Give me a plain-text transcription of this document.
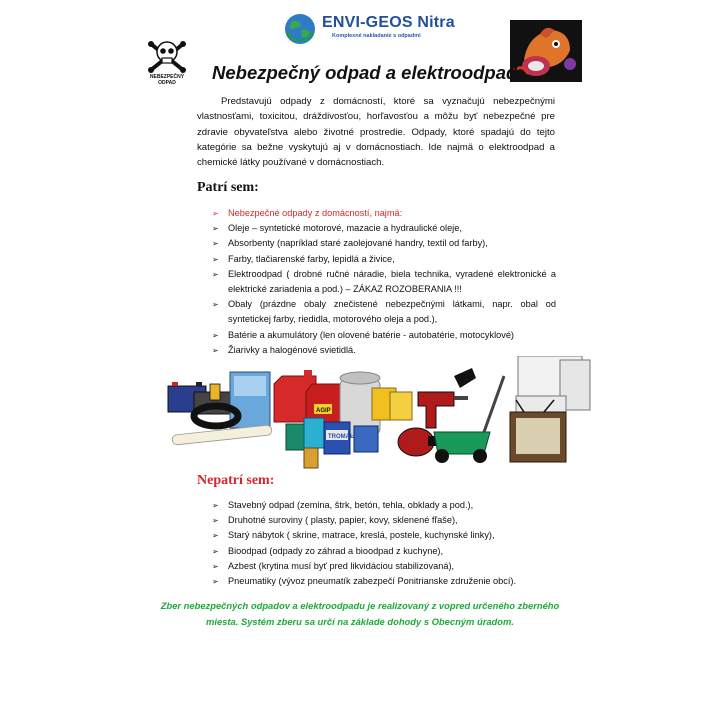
ENVI-GEOS Nitra
Komplexné nakladanie s odpadmi
NEBEZPEČNÝ ODPAD	Nebezpečný odpad a elektroodpad

Predstavujú odpady z domácností, ktoré sa vyznačujú nebezpečnými vlastnosťami, toxicitou, dráždivosťou, horľavosťou a môžu byť nebezpečné pre zdravie obyvateľstva alebo životné prostredie. Odpady, ktoré spadajú do tejto kategórie sa bežne vyskytujú aj v domácnostiach. Ide najmä o elektroodpad a chemické látky používané v domácnostiach.

Patrí sem:
➢ Nebezpečné odpady z domácností, najmä:
➢ Oleje – syntetické motorové, mazacie a hydraulické oleje,
➢ Absorbenty (napríklad staré zaolejované handry, textil od farby),
➢ Farby, tlačiarenské farby, lepidlá a živice,
➢ Elektroodpad ( drobné ručné náradie, biela technika, vyradené elektronické a elektrické zariadenia a pod.) – ZÁKAZ ROZOBERANIA !!!
➢ Obaly (prázdne obaly znečistené nebezpečnými látkami, napr. obal od syntetickej farby, riedidla, motorového oleja a pod.),
➢ Batérie a akumulátory (len olovené batérie - autobatérie, motocyklové)
➢ Žiarivky a halogénové svietidlá.
AGIP
TROMAL
Nepatrí sem:
➢ Stavebný odpad (zemina, štrk, betón, tehla, obklady a pod.),
➢ Druhotné suroviny ( plasty, papier, kovy, sklenené fľaše),
➢ Starý nábytok ( skrine, matrace, kreslá, postele, kuchynské linky),
➢ Bioodpad (odpady zo záhrad a bioodpad z kuchyne),
➢ Azbest (krytina musí byť pred likvidáciou stabilizovaná),
➢ Pneumatiky (vývoz pneumatík zabezpečí Ponitrianske združenie obcí).
Zber nebezpečných odpadov a elektroodpadu je realizovaný z vopred určeného zberného miesta. Systém zberu sa určí na základe dohody s Obecným úradom.
